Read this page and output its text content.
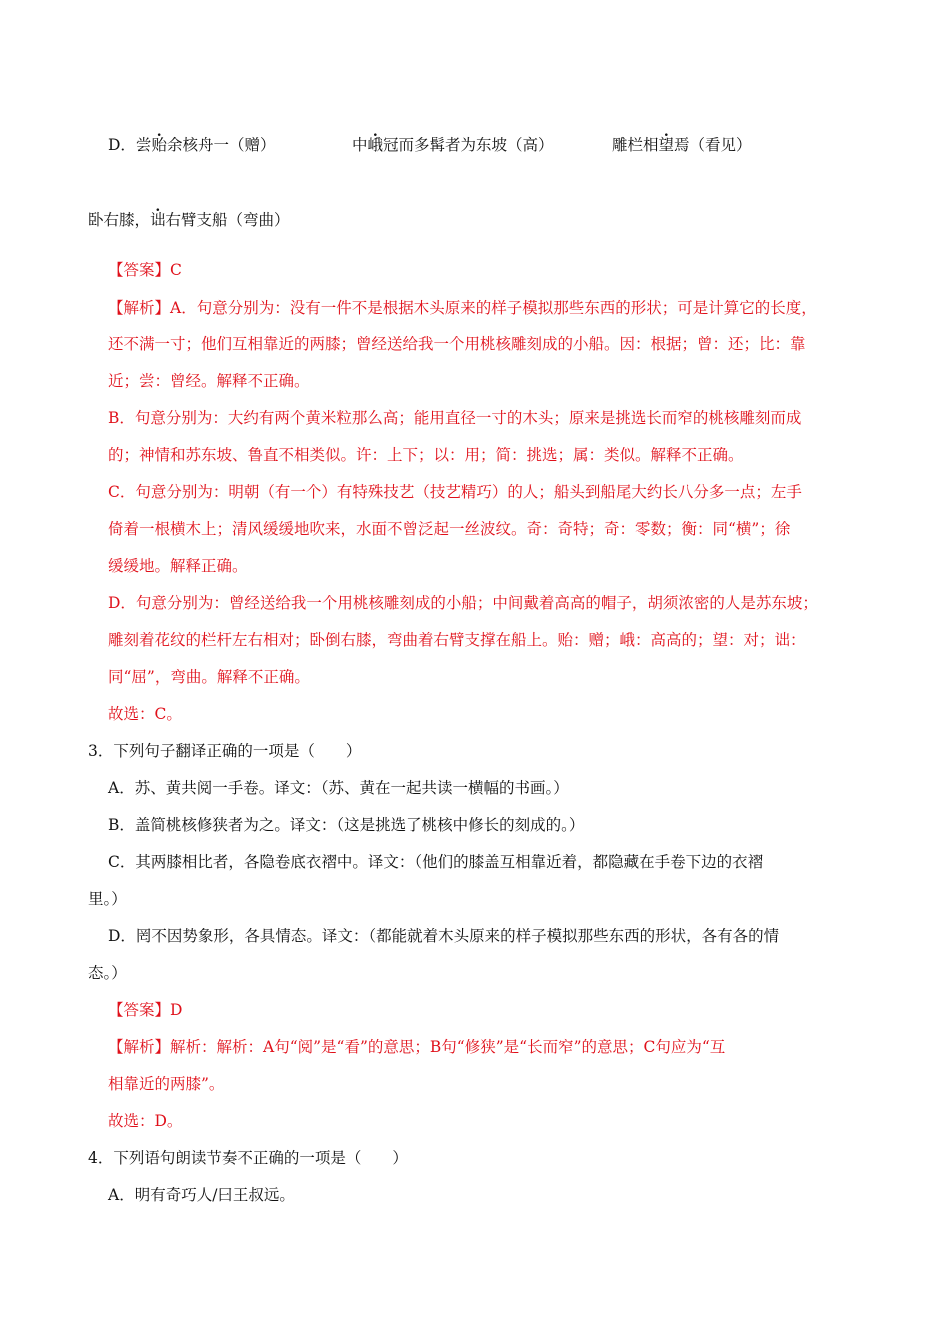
D．尝贻余核舟一（赠）	中峨冠而多髯者为东坡（高）	雕栏相望焉（看见）
卧右膝，诎右臂支船（弯曲）
【答案】C
【解析】A．句意分别为：没有一件不是根据木头原来的样子模拟那些东西的形状；可是计算它的长度，
还不满一寸；他们互相靠近的两膝；曾经送给我一个用桃核雕刻成的小船。因：根据；曾：还；比：靠
近；尝：曾经。解释不正确。
B．句意分别为：大约有两个黄米粒那么高；能用直径一寸的木头；原来是挑选长而窄的桃核雕刻而成
的；神情和苏东坡、鲁直不相类似。许：上下；以：用；简：挑选；属：类似。解释不正确。
C．句意分别为：明朝（有一个）有特殊技艺（技艺精巧）的人；船头到船尾大约长八分多一点；左手
倚着一根横木上；清风缓缓地吹来，水面不曾泛起一丝波纹。奇：奇特；奇：零数；衡：同“横”；徐
缓缓地。解释正确。
D．句意分别为：曾经送给我一个用桃核雕刻成的小船；中间戴着高高的帽子，胡须浓密的人是苏东坡；
雕刻着花纹的栏杆左右相对；卧倒右膝，弯曲着右臂支撑在船上。贻：赠；峨：高高的；望：对；诎：
同“屈”，弯曲。解释不正确。
故选：C。
3．下列句子翻译正确的一项是（　　）
A．苏、黄共阅一手卷。译文：（苏、黄在一起共读一横幅的书画。）
B．盖简桃核修狭者为之。译文：（这是挑选了桃核中修长的刻成的。）
C．其两膝相比者，各隐卷底衣褶中。译文：（他们的膝盖互相靠近着，都隐藏在手卷下边的衣褶
里。）
D．罔不因势象形，各具情态。译文：（都能就着木头原来的样子模拟那些东西的形状，各有各的情
态。）
【答案】D
【解析】解析：解析：A句“阅”是“看”的意思；B句“修狭”是“长而窄”的意思；C句应为“互
相靠近的两膝”。
故选：D。
4．下列语句朗读节奏不正确的一项是（　　）
A．明有奇巧人/曰王叔远。
